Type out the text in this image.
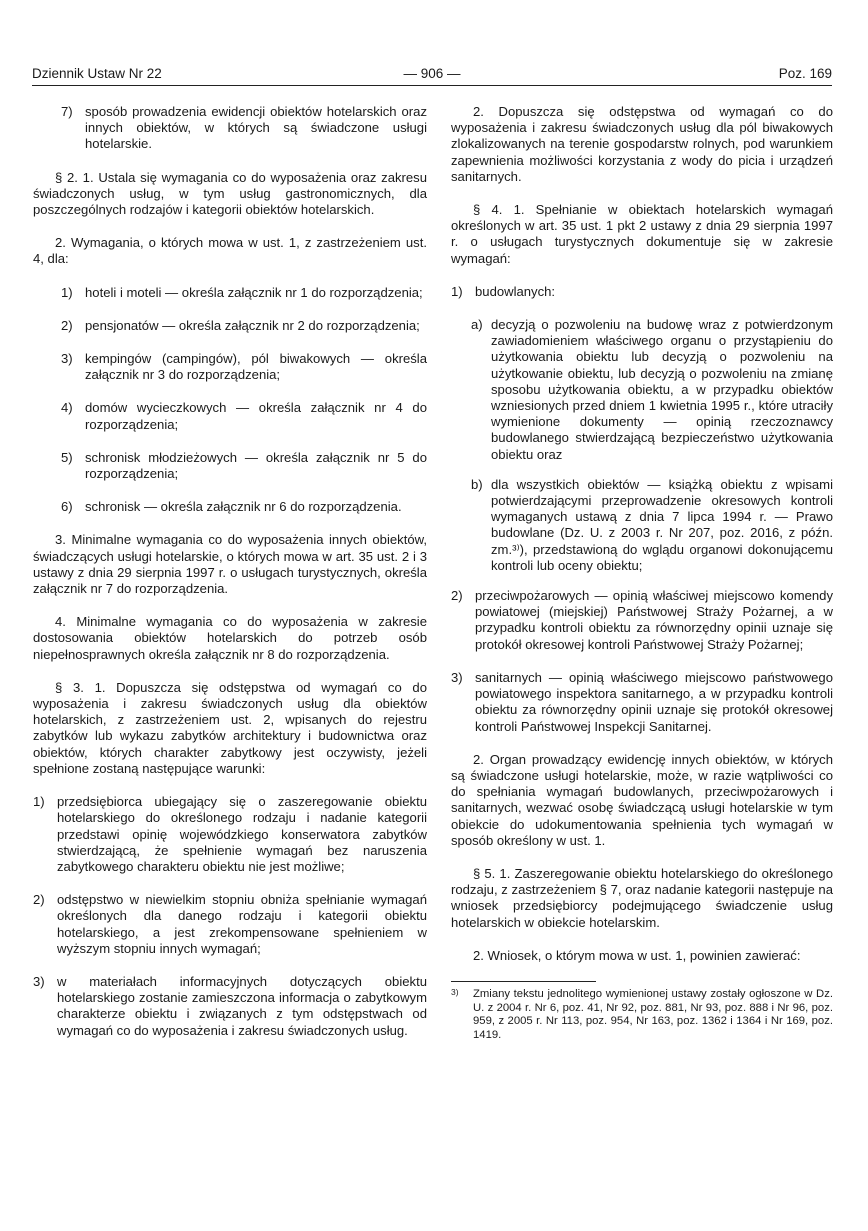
Dziennik Ustaw Nr 22	— 906 —	Poz. 169
7) sposób prowadzenia ewidencji obiektów hotelarskich oraz innych obiektów, w których są świadczone usługi hotelarskie.

§ 2. 1. Ustala się wymagania co do wyposażenia oraz zakresu świadczonych usług, w tym usług gastronomicznych, dla poszczególnych rodzajów i kategorii obiektów hotelarskich.

2. Wymagania, o których mowa w ust. 1, z zastrzeżeniem ust. 4, dla:

1) hoteli i moteli — określa załącznik nr 1 do rozporządzenia;
2) pensjonatów — określa załącznik nr 2 do rozporządzenia;
3) kempingów (campingów), pól biwakowych — określa załącznik nr 3 do rozporządzenia;
4) domów wycieczkowych — określa załącznik nr 4 do rozporządzenia;
5) schronisk młodzieżowych — określa załącznik nr 5 do rozporządzenia;
6) schronisk — określa załącznik nr 6 do rozporządzenia.

3. Minimalne wymagania co do wyposażenia innych obiektów, świadczących usługi hotelarskie, o których mowa w art. 35 ust. 2 i 3 ustawy z dnia 29 sierpnia 1997 r. o usługach turystycznych, określa załącznik nr 7 do rozporządzenia.

4. Minimalne wymagania co do wyposażenia w zakresie dostosowania obiektów hotelarskich do potrzeb osób niepełnosprawnych określa załącznik nr 8 do rozporządzenia.

§ 3. 1. Dopuszcza się odstępstwa od wymagań co do wyposażenia i zakresu świadczonych usług dla obiektów hotelarskich, z zastrzeżeniem ust. 2, wpisanych do rejestru zabytków lub wykazu zabytków architektury i budownictwa oraz obiektów, których charakter zabytkowy jest oczywisty, jeżeli spełnione zostaną następujące warunki:

1) przedsiębiorca ubiegający się o zaszeregowanie obiektu hotelarskiego do określonego rodzaju i nadanie kategorii przedstawi opinię wojewódzkiego konserwatora zabytków stwierdzającą, że spełnienie wymagań bez naruszenia zabytkowego charakteru obiektu nie jest możliwe;
2) odstępstwo w niewielkim stopniu obniża spełnianie wymagań określonych dla danego rodzaju i kategorii obiektu hotelarskiego, a jest zrekompensowane spełnieniem w wyższym stopniu innych wymagań;
3) w materiałach informacyjnych dotyczących obiektu hotelarskiego zostanie zamieszczona informacja o zabytkowym charakterze obiektu i związanych z tym odstępstwach od wymagań co do wyposażenia i zakresu świadczonych usług.

2. Dopuszcza się odstępstwa od wymagań co do wyposażenia i zakresu świadczonych usług dla pól biwakowych zlokalizowanych na terenie gospodarstw rolnych, pod warunkiem zapewnienia możliwości korzystania z wody do picia i urządzeń sanitarnych.

§ 4. 1. Spełnianie w obiektach hotelarskich wymagań określonych w art. 35 ust. 1 pkt 2 ustawy z dnia 29 sierpnia 1997 r. o usługach turystycznych dokumentuje się w zakresie wymagań:

1) budowlanych:
a) decyzją o pozwoleniu na budowę wraz z potwierdzonym zawiadomieniem właściwego organu o przystąpieniu do użytkowania obiektu lub decyzją o pozwoleniu na użytkowanie obiektu, lub decyzją o pozwoleniu na zmianę sposobu użytkowania obiektu, a w przypadku obiektów wzniesionych przed dniem 1 kwietnia 1995 r., które utraciły wymienione dokumenty — opinią rzeczoznawcy budowlanego stwierdzającą bezpieczeństwo użytkowania obiektu oraz
b) dla wszystkich obiektów — książką obiektu z wpisami potwierdzającymi przeprowadzenie okresowych kontroli wymaganych ustawą z dnia 7 lipca 1994 r. — Prawo budowlane (Dz. U. z 2003 r. Nr 207, poz. 2016, z późn. zm.³⁾), przedstawioną do wglądu organowi dokonującemu kontroli lub oceny obiektu;
2) przeciwpożarowych — opinią właściwej miejscowo komendy powiatowej (miejskiej) Państwowej Straży Pożarnej, a w przypadku kontroli obiektu za równorzędny opinii uznaje się protokół okresowej kontroli Państwowej Straży Pożarnej;
3) sanitarnych — opinią właściwego miejscowo państwowego powiatowego inspektora sanitarnego, a w przypadku kontroli obiektu za równorzędny opinii uznaje się protokół okresowej kontroli Państwowej Inspekcji Sanitarnej.

2. Organ prowadzący ewidencję innych obiektów, w których są świadczone usługi hotelarskie, może, w razie wątpliwości co do spełniania wymagań budowlanych, przeciwpożarowych i sanitarnych, wezwać osobę świadczącą usługi hotelarskie w tym obiekcie do udokumentowania spełnienia tych wymagań w sposób określony w ust. 1.

§ 5. 1. Zaszeregowanie obiektu hotelarskiego do określonego rodzaju, z zastrzeżeniem § 7, oraz nadanie kategorii następuje na wniosek przedsiębiorcy podejmującego świadczenie usług hotelarskich w obiekcie hotelarskim.

2. Wniosek, o którym mowa w ust. 1, powinien zawierać:

3) Zmiany tekstu jednolitego wymienionej ustawy zostały ogłoszone w Dz. U. z 2004 r. Nr 6, poz. 41, Nr 92, poz. 881, Nr 93, poz. 888 i Nr 96, poz. 959, z 2005 r. Nr 113, poz. 954, Nr 163, poz. 1362 i 1364 i Nr 169, poz. 1419.
